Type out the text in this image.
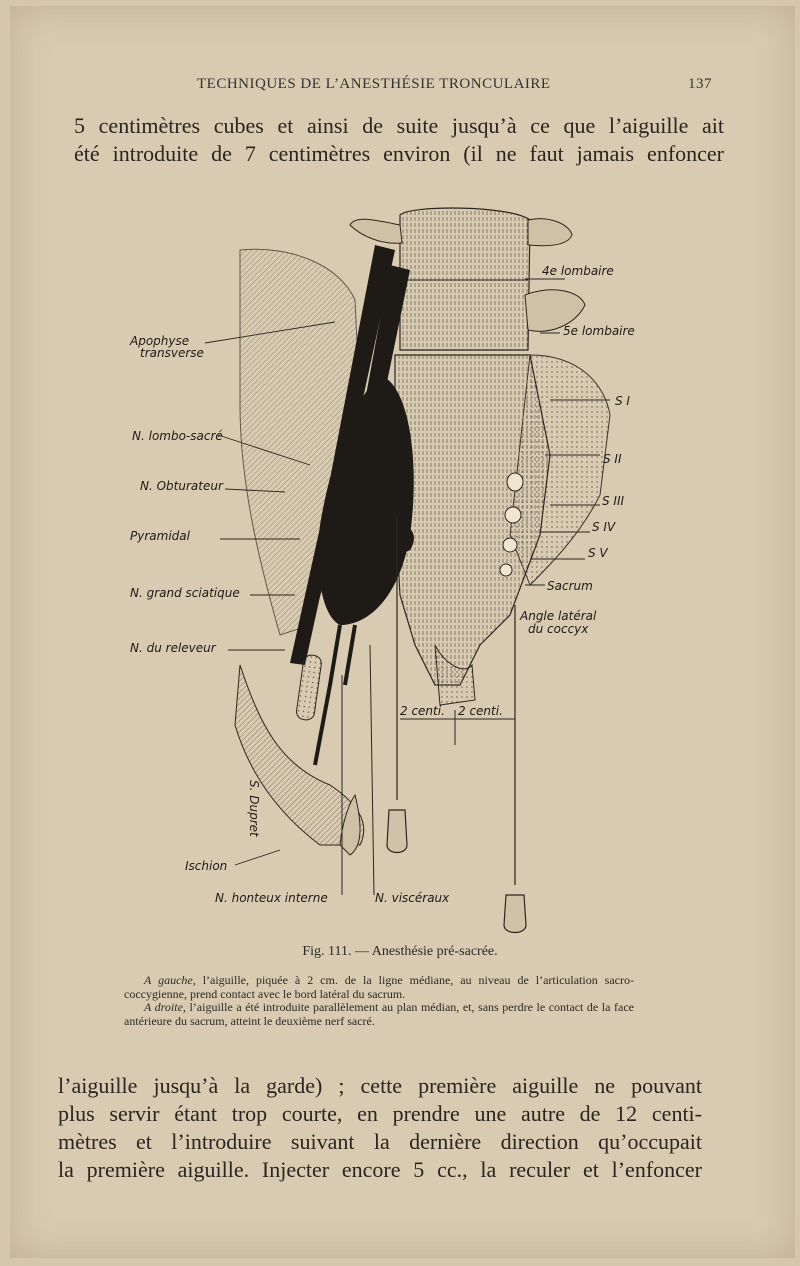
TECHNIQUES DE L’ANESTHÉSIE TRONCULAIRE	137
5 centimètres cubes et ainsi de suite jusqu’à ce que l’aiguille ait
été introduite de 7 centimètres environ (il ne faut jamais enfoncer
4e lombaire
5e lombaire
Apophyse
transverse
N. lombo-sacré
N. Obturateur
Pyramidal
N. grand sciatique
N. du releveur
S I
S II
S III
S IV
S V
Sacrum
Angle latéral
du coccyx
2 centi. 2 centi.
Ischion
N. honteux interne	N. viscéraux
S. Dupret
Fig. 111. — Anesthésie pré-sacrée.

A gauche, l’aiguille, piquée à 2 cm. de la ligne médiane, au niveau de l’articulation sacro-coccygienne, prend contact avec le bord latéral du sacrum.

A droite, l’aiguille a été introduite parallèlement au plan médian, et, sans perdre le contact de la face antérieure du sacrum, atteint le deuxième nerf sacré.

l’aiguille jusqu’à la garde) ; cette première aiguille ne pouvant
plus servir étant trop courte, en prendre une autre de 12 centi-
mètres et l’introduire suivant la dernière direction qu’occupait
la première aiguille. Injecter encore 5 cc., la reculer et l’enfoncer
